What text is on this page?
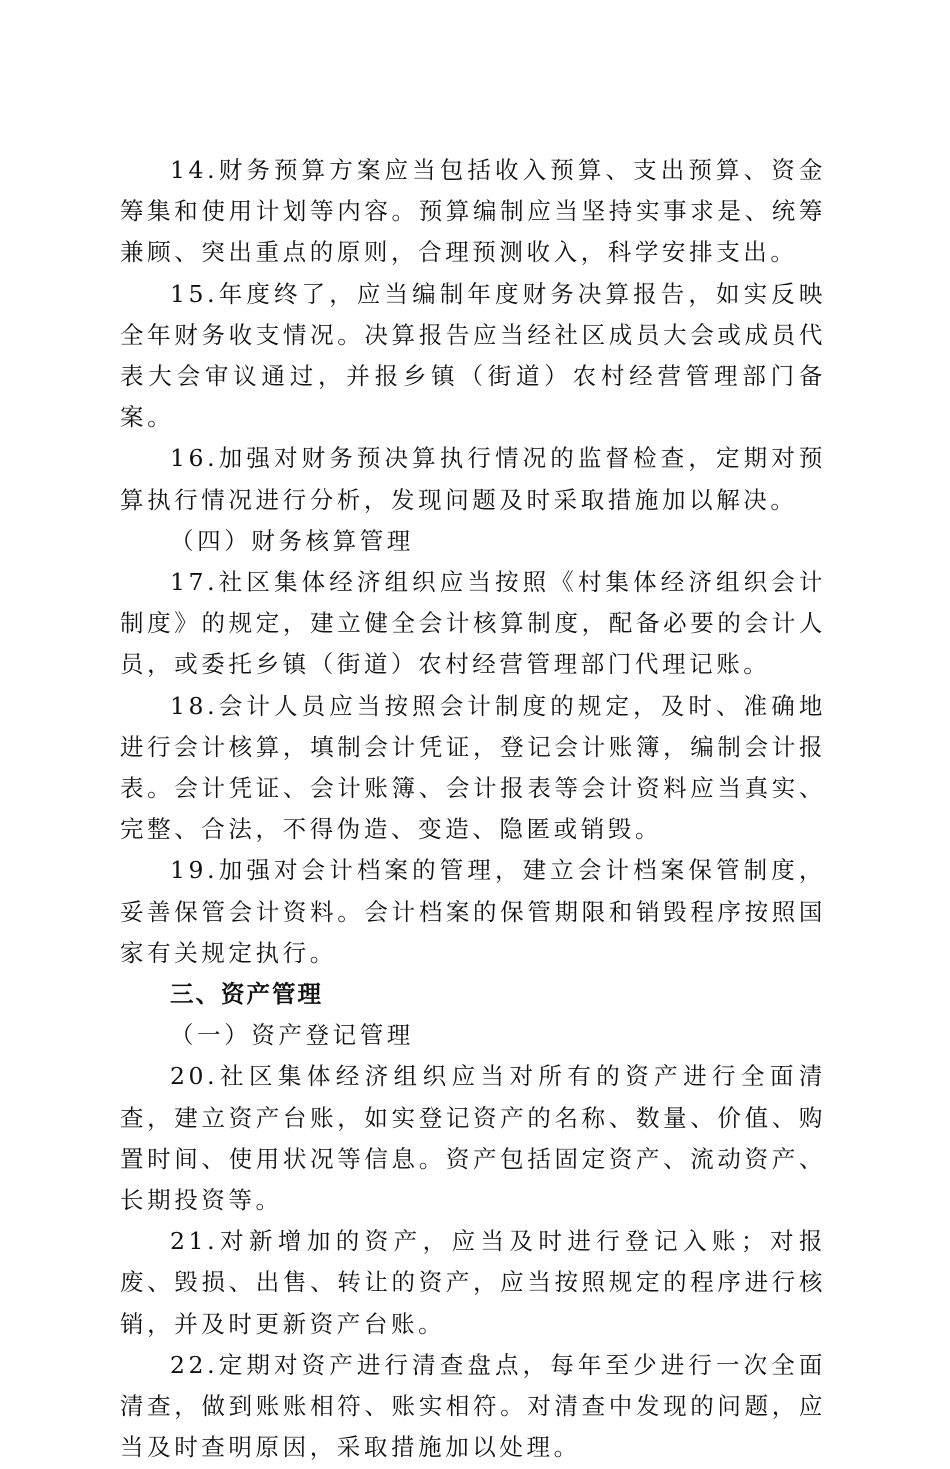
14.财务预算方案应当包括收入预算、支出预算、资金筹集和使用计划等内容。预算编制应当坚持实事求是、统筹兼顾、突出重点的原则，合理预测收入，科学安排支出。

15.年度终了，应当编制年度财务决算报告，如实反映全年财务收支情况。决算报告应当经社区成员大会或成员代表大会审议通过，并报乡镇（街道）农村经营管理部门备案。

16.加强对财务预决算执行情况的监督检查，定期对预算执行情况进行分析，发现问题及时采取措施加以解决。

（四）财务核算管理

17.社区集体经济组织应当按照《村集体经济组织会计制度》的规定，建立健全会计核算制度，配备必要的会计人员，或委托乡镇（街道）农村经营管理部门代理记账。

18.会计人员应当按照会计制度的规定，及时、准确地进行会计核算，填制会计凭证，登记会计账簿，编制会计报表。会计凭证、会计账簿、会计报表等会计资料应当真实、完整、合法，不得伪造、变造、隐匿或销毁。

19.加强对会计档案的管理，建立会计档案保管制度，妥善保管会计资料。会计档案的保管期限和销毁程序按照国家有关规定执行。

三、资产管理

（一）资产登记管理

20.社区集体经济组织应当对所有的资产进行全面清查，建立资产台账，如实登记资产的名称、数量、价值、购置时间、使用状况等信息。资产包括固定资产、流动资产、长期投资等。

21.对新增加的资产，应当及时进行登记入账；对报废、毁损、出售、转让的资产，应当按照规定的程序进行核销，并及时更新资产台账。

22.定期对资产进行清查盘点，每年至少进行一次全面清查，做到账账相符、账实相符。对清查中发现的问题，应当及时查明原因，采取措施加以处理。
